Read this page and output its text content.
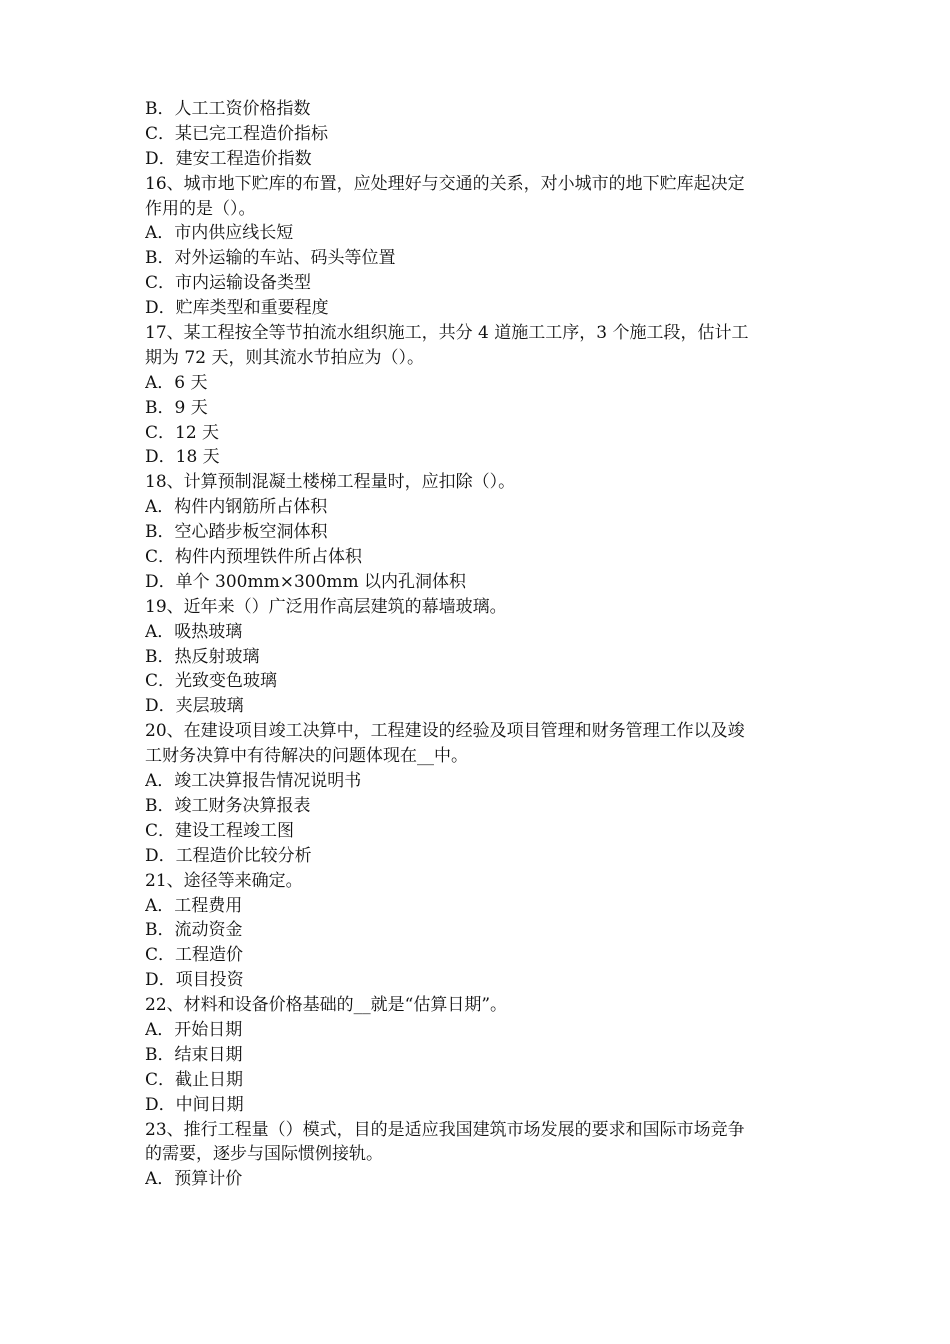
B．人工工资价格指数
C．某已完工程造价指标
D．建安工程造价指数
16、城市地下贮库的布置，应处理好与交通的关系，对小城市的地下贮库起决定
作用的是（）。
A．市内供应线长短
B．对外运输的车站、码头等位置
C．市内运输设备类型
D．贮库类型和重要程度
17、某工程按全等节拍流水组织施工，共分 4 道施工工序，3 个施工段，估计工
期为 72 天，则其流水节拍应为（）。
A．6 天
B．9 天
C．12 天
D．18 天
18、计算预制混凝土楼梯工程量时，应扣除（）。
A．构件内钢筋所占体积
B．空心踏步板空洞体积
C．构件内预埋铁件所占体积
D．单个 300mm×300mm 以内孔洞体积
19、近年来（）广泛用作高层建筑的幕墙玻璃。
A．吸热玻璃
B．热反射玻璃
C．光致变色玻璃
D．夹层玻璃
20、在建设项目竣工决算中，工程建设的经验及项目管理和财务管理工作以及竣
工财务决算中有待解决的问题体现在__中。
A．竣工决算报告情况说明书
B．竣工财务决算报表
C．建设工程竣工图
D．工程造价比较分析
21、途径等来确定。
A．工程费用
B．流动资金
C．工程造价
D．项目投资
22、材料和设备价格基础的__就是“估算日期”。
A．开始日期
B．结束日期
C．截止日期
D．中间日期
23、推行工程量（）模式，目的是适应我国建筑市场发展的要求和国际市场竞争
的需要，逐步与国际惯例接轨。
A．预算计价
